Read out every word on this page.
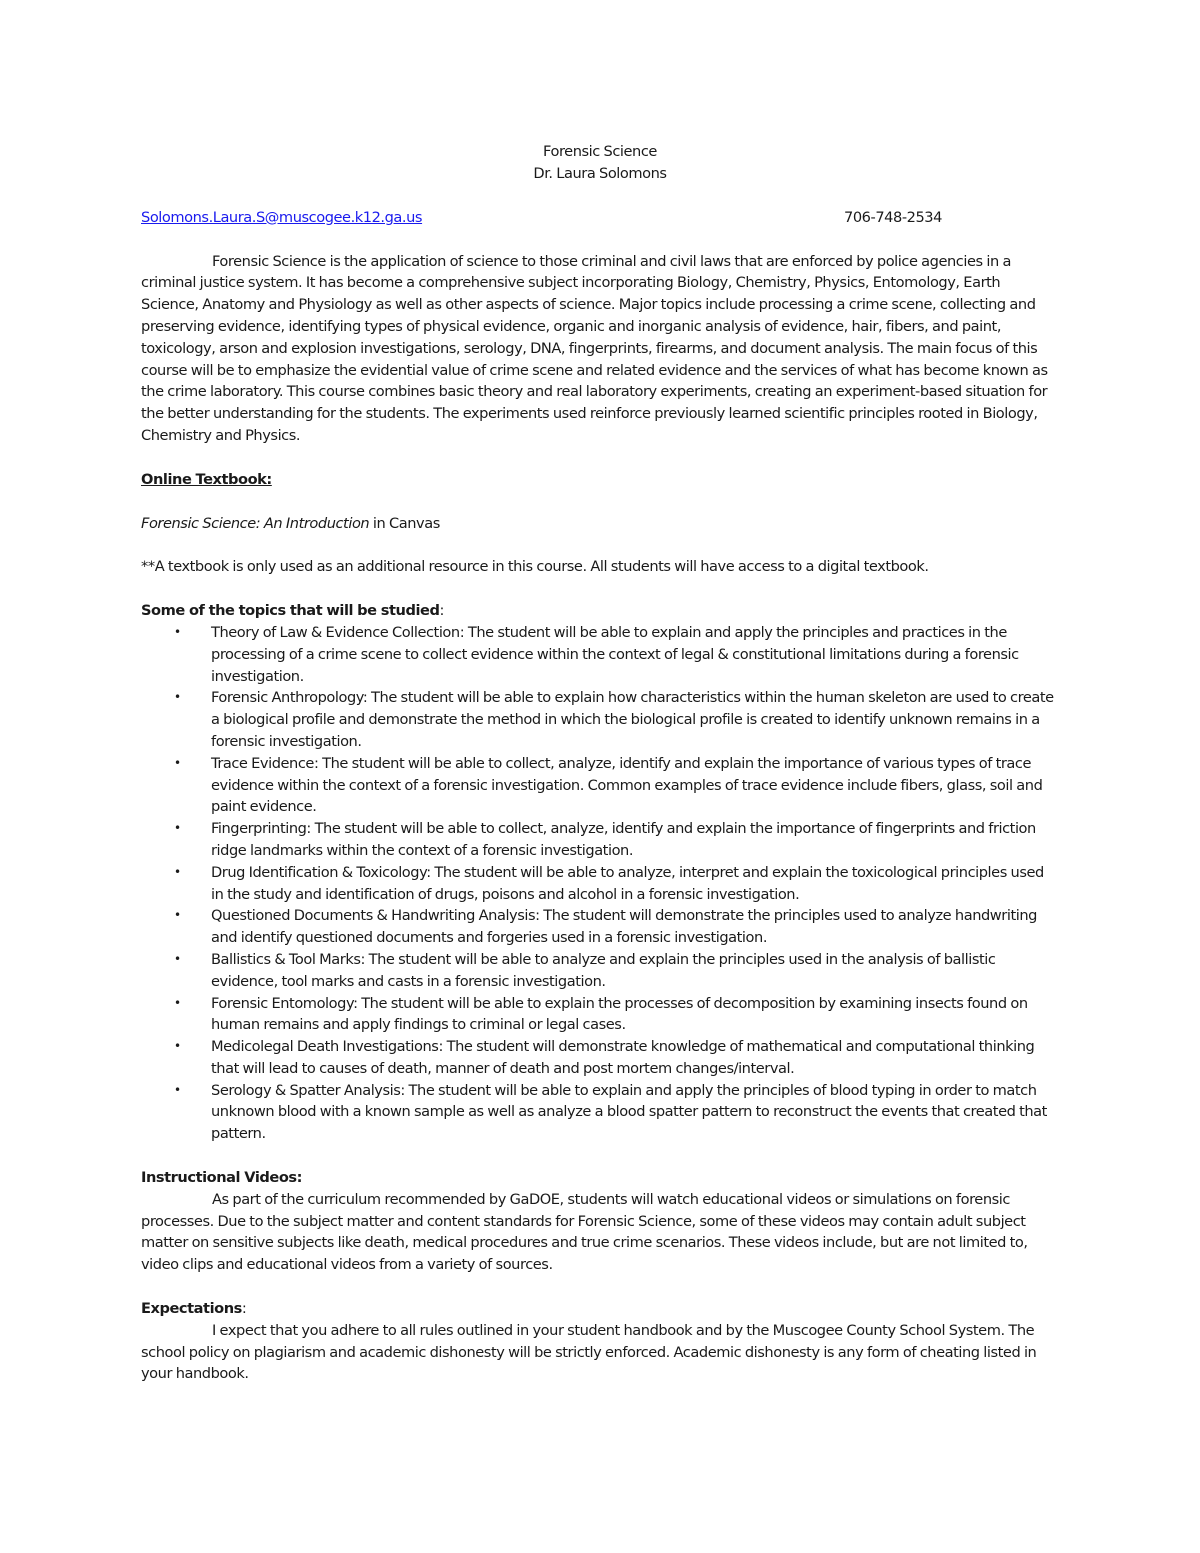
Forensic Science
Dr. Laura Solomons
Solomons.Laura.S@muscogee.k12.ga.us	706-748-2534

Forensic Science is the application of science to those criminal and civil laws that are enforced by police agencies in a criminal justice system. It has become a comprehensive subject incorporating Biology, Chemistry, Physics, Entomology, Earth Science, Anatomy and Physiology as well as other aspects of science. Major topics include processing a crime scene, collecting and preserving evidence, identifying types of physical evidence, organic and inorganic analysis of evidence, hair, fibers, and paint, toxicology, arson and explosion investigations, serology, DNA, fingerprints, firearms, and document analysis. The main focus of this course will be to emphasize the evidential value of crime scene and related evidence and the services of what has become known as the crime laboratory. This course combines basic theory and real laboratory experiments, creating an experiment-based situation for the better understanding for the students. The experiments used reinforce previously learned scientific principles rooted in Biology, Chemistry and Physics.

Online Textbook:

Forensic Science: An Introduction in Canvas

**A textbook is only used as an additional resource in this course. All students will have access to a digital textbook.

Some of the topics that will be studied:

• Theory of Law & Evidence Collection: The student will be able to explain and apply the principles and practices in the processing of a crime scene to collect evidence within the context of legal & constitutional limitations during a forensic investigation.
• Forensic Anthropology: The student will be able to explain how characteristics within the human skeleton are used to create a biological profile and demonstrate the method in which the biological profile is created to identify unknown remains in a forensic investigation.
• Trace Evidence: The student will be able to collect, analyze, identify and explain the importance of various types of trace evidence within the context of a forensic investigation. Common examples of trace evidence include fibers, glass, soil and paint evidence.
• Fingerprinting: The student will be able to collect, analyze, identify and explain the importance of fingerprints and friction ridge landmarks within the context of a forensic investigation.
• Drug Identification & Toxicology: The student will be able to analyze, interpret and explain the toxicological principles used in the study and identification of drugs, poisons and alcohol in a forensic investigation.
• Questioned Documents & Handwriting Analysis: The student will demonstrate the principles used to analyze handwriting and identify questioned documents and forgeries used in a forensic investigation.
• Ballistics & Tool Marks: The student will be able to analyze and explain the principles used in the analysis of ballistic evidence, tool marks and casts in a forensic investigation.
• Forensic Entomology: The student will be able to explain the processes of decomposition by examining insects found on human remains and apply findings to criminal or legal cases.
• Medicolegal Death Investigations: The student will demonstrate knowledge of mathematical and computational thinking that will lead to causes of death, manner of death and post mortem changes/interval.
• Serology & Spatter Analysis: The student will be able to explain and apply the principles of blood typing in order to match unknown blood with a known sample as well as analyze a blood spatter pattern to reconstruct the events that created that pattern.

Instructional Videos:

As part of the curriculum recommended by GaDOE, students will watch educational videos or simulations on forensic processes. Due to the subject matter and content standards for Forensic Science, some of these videos may contain adult subject matter on sensitive subjects like death, medical procedures and true crime scenarios. These videos include, but are not limited to, video clips and educational videos from a variety of sources.

Expectations:

I expect that you adhere to all rules outlined in your student handbook and by the Muscogee County School System. The school policy on plagiarism and academic dishonesty will be strictly enforced. Academic dishonesty is any form of cheating listed in your handbook.
